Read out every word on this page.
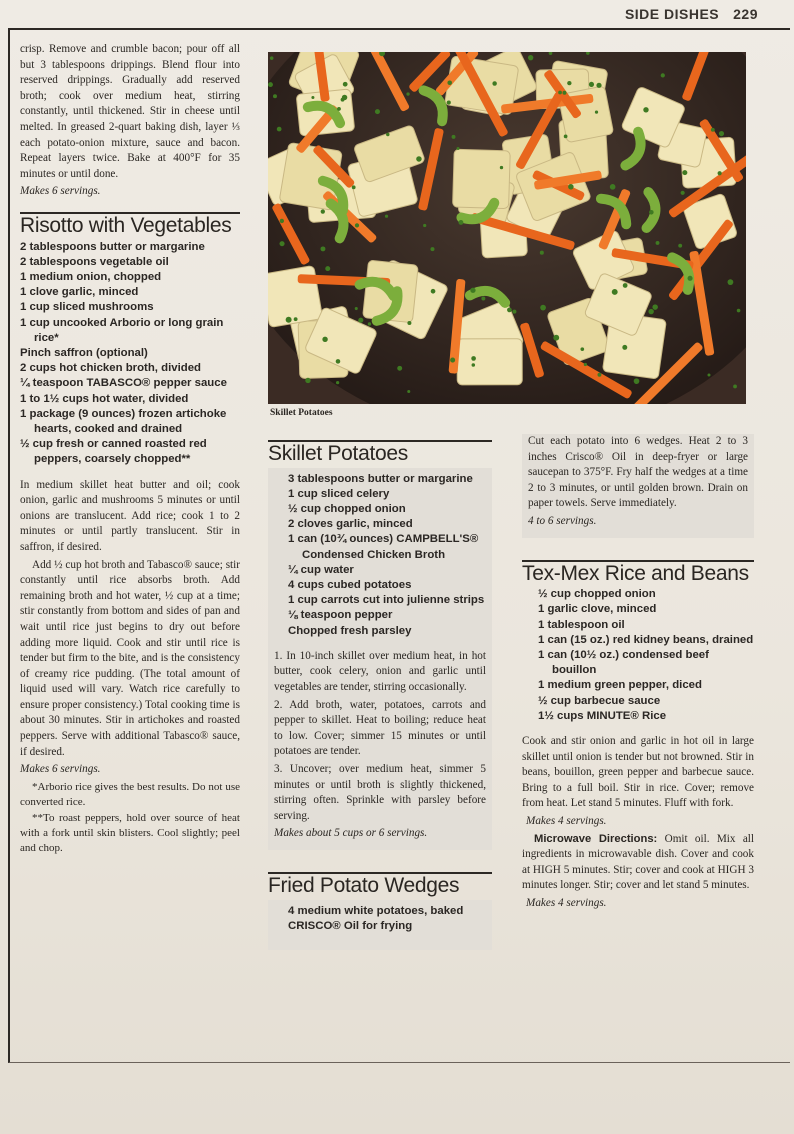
SIDE DISHES 229

crisp. Remove and crumble bacon; pour off all but 3 tablespoons drippings. Blend flour into reserved drippings. Gradually add reserved broth; cook over medium heat, stirring constantly, until thickened. Stir in cheese until melted. In greased 2-quart baking dish, layer ⅓ each potato-onion mixture, sauce and bacon. Repeat layers twice. Bake at 400°F for 35 minutes or until done.

Makes 6 servings.

Risotto with Vegetables
2 tablespoons butter or margarine
2 tablespoons vegetable oil
1 medium onion, chopped
1 clove garlic, minced
1 cup sliced mushrooms
1 cup uncooked Arborio or long grain rice*
Pinch saffron (optional)
2 cups hot chicken broth, divided
¼ teaspoon TABASCO® pepper sauce
1 to 1½ cups hot water, divided
1 package (9 ounces) frozen artichoke hearts, cooked and drained
½ cup fresh or canned roasted red peppers, coarsely chopped**

In medium skillet heat butter and oil; cook onion, garlic and mushrooms 5 minutes or until onions are translucent. Add rice; cook 1 to 2 minutes or until partly translucent. Stir in saffron, if desired.

Add ½ cup hot broth and Tabasco® sauce; stir constantly until rice absorbs broth. Add remaining broth and hot water, ½ cup at a time; stir constantly from bottom and sides of pan and wait until rice just begins to dry out before adding more liquid. Cook and stir until rice is tender but firm to the bite, and is the consistency of creamy rice pudding. (The total amount of liquid used will vary. Watch rice carefully to ensure proper consistency.) Total cooking time is about 30 minutes. Stir in artichokes and roasted peppers. Serve with additional Tabasco® sauce, if desired.

Makes 6 servings.

*Arborio rice gives the best results. Do not use converted rice.

**To roast peppers, hold over source of heat with a fork until skin blisters. Cool slightly; peel and chop.

Skillet Potatoes
Skillet Potatoes
3 tablespoons butter or margarine
1 cup sliced celery
½ cup chopped onion
2 cloves garlic, minced
1 can (10¾ ounces) CAMPBELL'S® Condensed Chicken Broth
¼ cup water
4 cups cubed potatoes
1 cup carrots cut into julienne strips
⅛ teaspoon pepper
Chopped fresh parsley

1. In 10-inch skillet over medium heat, in hot butter, cook celery, onion and garlic until vegetables are tender, stirring occasionally.

2. Add broth, water, potatoes, carrots and pepper to skillet. Heat to boiling; reduce heat to low. Cover; simmer 15 minutes or until potatoes are tender.

3. Uncover; over medium heat, simmer 5 minutes or until broth is slightly thickened, stirring often. Sprinkle with parsley before serving.

Makes about 5 cups or 6 servings.

Fried Potato Wedges
4 medium white potatoes, baked
CRISCO® Oil for frying

Cut each potato into 6 wedges. Heat 2 to 3 inches Crisco® Oil in deep-fryer or large saucepan to 375°F. Fry half the wedges at a time 2 to 3 minutes, or until golden brown. Drain on paper towels. Serve immediately.

4 to 6 servings.

Tex-Mex Rice and Beans
½ cup chopped onion
1 garlic clove, minced
1 tablespoon oil
1 can (15 oz.) red kidney beans, drained
1 can (10½ oz.) condensed beef bouillon
1 medium green pepper, diced
½ cup barbecue sauce
1½ cups MINUTE® Rice

Cook and stir onion and garlic in hot oil in large skillet until onion is tender but not browned. Stir in beans, bouillon, green pepper and barbecue sauce. Bring to a full boil. Stir in rice. Cover; remove from heat. Let stand 5 minutes. Fluff with fork.

Makes 4 servings.

Microwave Directions: Omit oil. Mix all ingredients in microwavable dish. Cover and cook at HIGH 5 minutes. Stir; cover and cook at HIGH 3 minutes longer. Stir; cover and let stand 5 minutes.

Makes 4 servings.
